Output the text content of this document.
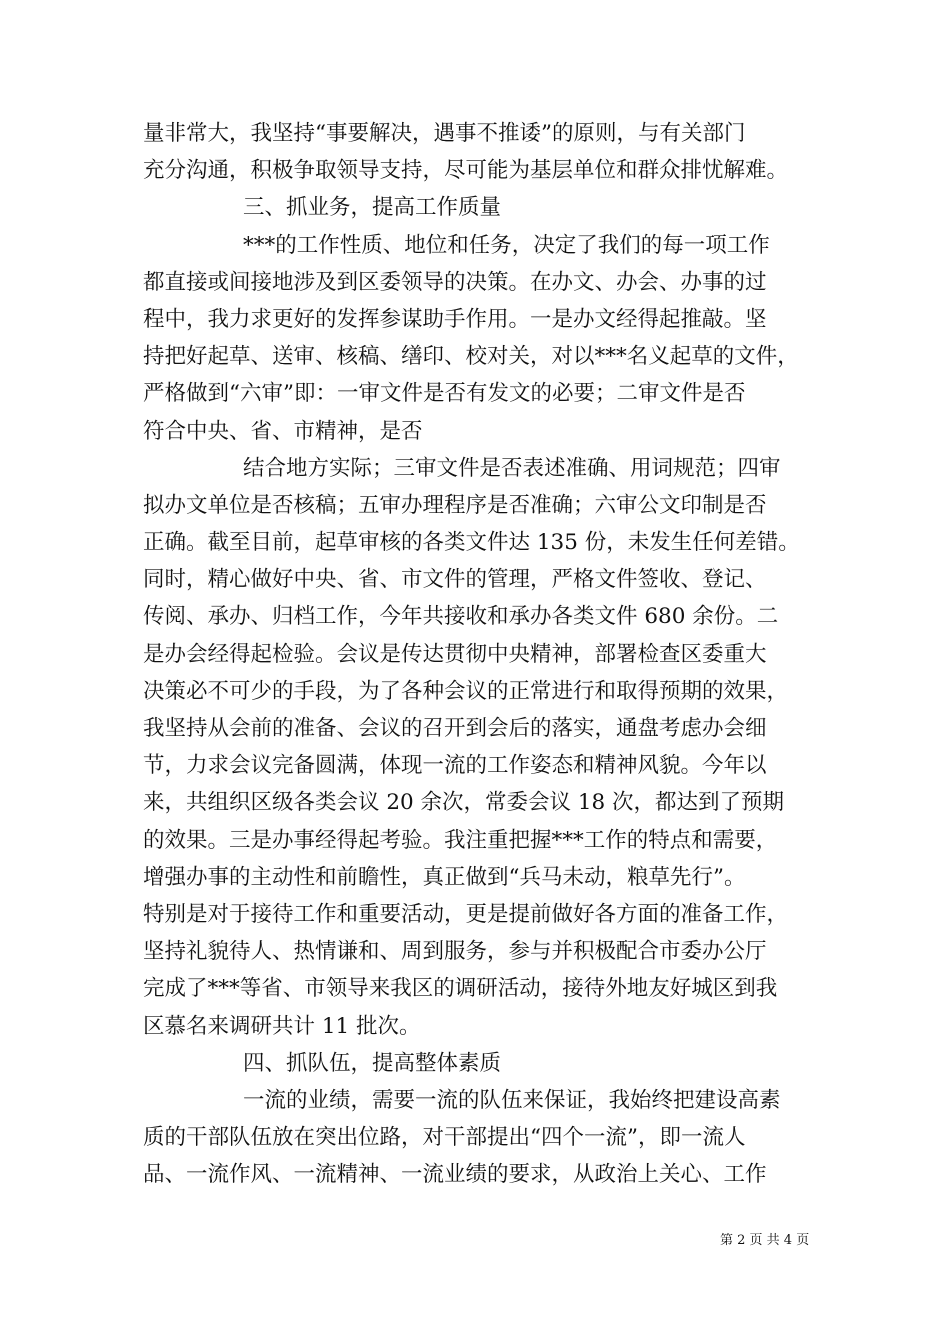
量非常大，我坚持“事要解决，遇事不推诿”的原则，与有关部门
充分沟通，积极争取领导支持，尽可能为基层单位和群众排忧解难。
三、抓业务，提高工作质量
***的工作性质、地位和任务，决定了我们的每一项工作
都直接或间接地涉及到区委领导的决策。在办文、办会、办事的过
程中，我力求更好的发挥参谋助手作用。一是办文经得起推敲。坚
持把好起草、送审、核稿、缮印、校对关，对以***名义起草的文件，
严格做到“六审”即：一审文件是否有发文的必要；二审文件是否
符合中央、省、市精神，是否
结合地方实际；三审文件是否表述准确、用词规范；四审
拟办文单位是否核稿；五审办理程序是否准确；六审公文印制是否
正确。截至目前，起草审核的各类文件达 135 份，未发生任何差错。
同时，精心做好中央、省、市文件的管理，严格文件签收、登记、
传阅、承办、归档工作，今年共接收和承办各类文件 680 余份。二
是办会经得起检验。会议是传达贯彻中央精神，部署检查区委重大
决策必不可少的手段，为了各种会议的正常进行和取得预期的效果，
我坚持从会前的准备、会议的召开到会后的落实，通盘考虑办会细
节，力求会议完备圆满，体现一流的工作姿态和精神风貌。今年以
来，共组织区级各类会议 20 余次，常委会议 18 次，都达到了预期
的效果。三是办事经得起考验。我注重把握***工作的特点和需要，
增强办事的主动性和前瞻性，真正做到“兵马未动，粮草先行”。
特别是对于接待工作和重要活动，更是提前做好各方面的准备工作，
坚持礼貌待人、热情谦和、周到服务，参与并积极配合市委办公厅
完成了***等省、市领导来我区的调研活动，接待外地友好城区到我
区慕名来调研共计 11 批次。
四、抓队伍，提高整体素质
一流的业绩，需要一流的队伍来保证，我始终把建设高素
质的干部队伍放在突出位路，对干部提出“四个一流”，即一流人
品、一流作风、一流精神、一流业绩的要求，从政治上关心、工作
第 2 页 共 4 页
